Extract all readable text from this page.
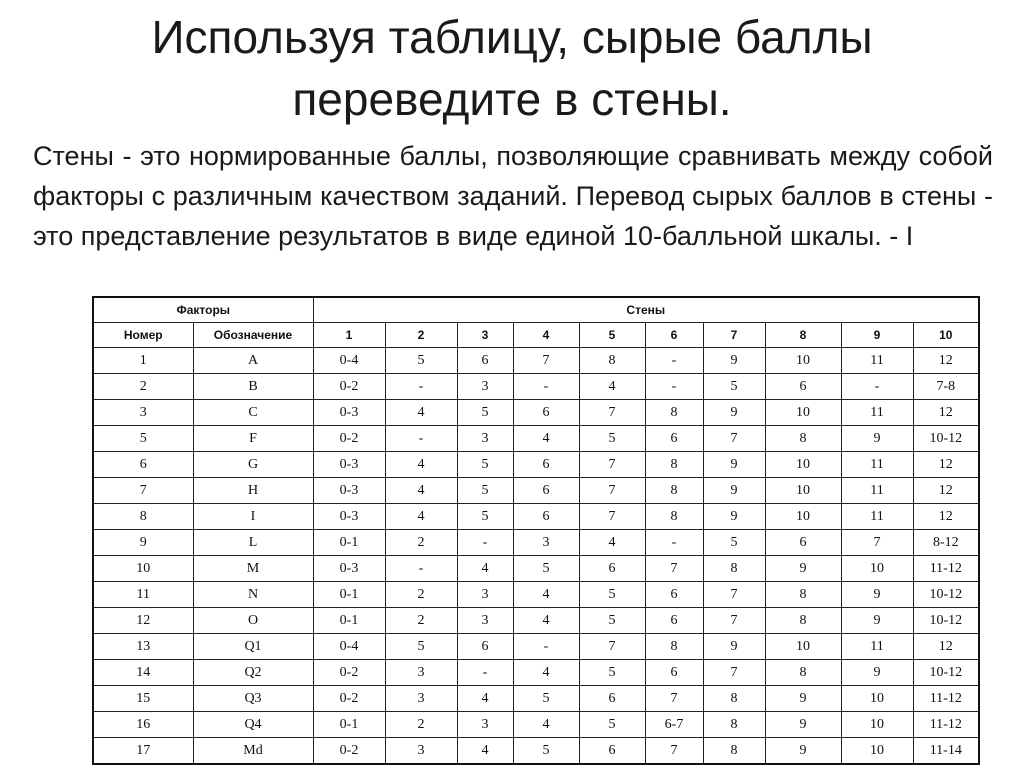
Используя таблицу, сырые баллы
переведите в стены.

Стены - это нормированные баллы, позволяющие сравнивать между собой факторы с различным качеством заданий. Перевод сырых баллов в стены - это представление результатов в виде единой 10-балльной шкалы. - I

Факторы		Стены									
Номер	Обозначение	1	2	3	4	5	6	7	8	9	10
1	A	0-4	5	6	7	8	-	9	10	11	12
2	B	0-2	-	3	-	4	-	5	6	-	7-8
3	C	0-3	4	5	6	7	8	9	10	11	12
5	F	0-2	-	3	4	5	6	7	8	9	10-12
6	G	0-3	4	5	6	7	8	9	10	11	12
7	H	0-3	4	5	6	7	8	9	10	11	12
8	I	0-3	4	5	6	7	8	9	10	11	12
9	L	0-1	2	-	3	4	-	5	6	7	8-12
10	M	0-3	-	4	5	6	7	8	9	10	11-12
11	N	0-1	2	3	4	5	6	7	8	9	10-12
12	O	0-1	2	3	4	5	6	7	8	9	10-12
13	Q1	0-4	5	6	-	7	8	9	10	11	12
14	Q2	0-2	3	-	4	5	6	7	8	9	10-12
15	Q3	0-2	3	4	5	6	7	8	9	10	11-12
16	Q4	0-1	2	3	4	5	6-7	8	9	10	11-12
17	Md	0-2	3	4	5	6	7	8	9	10	11-14
